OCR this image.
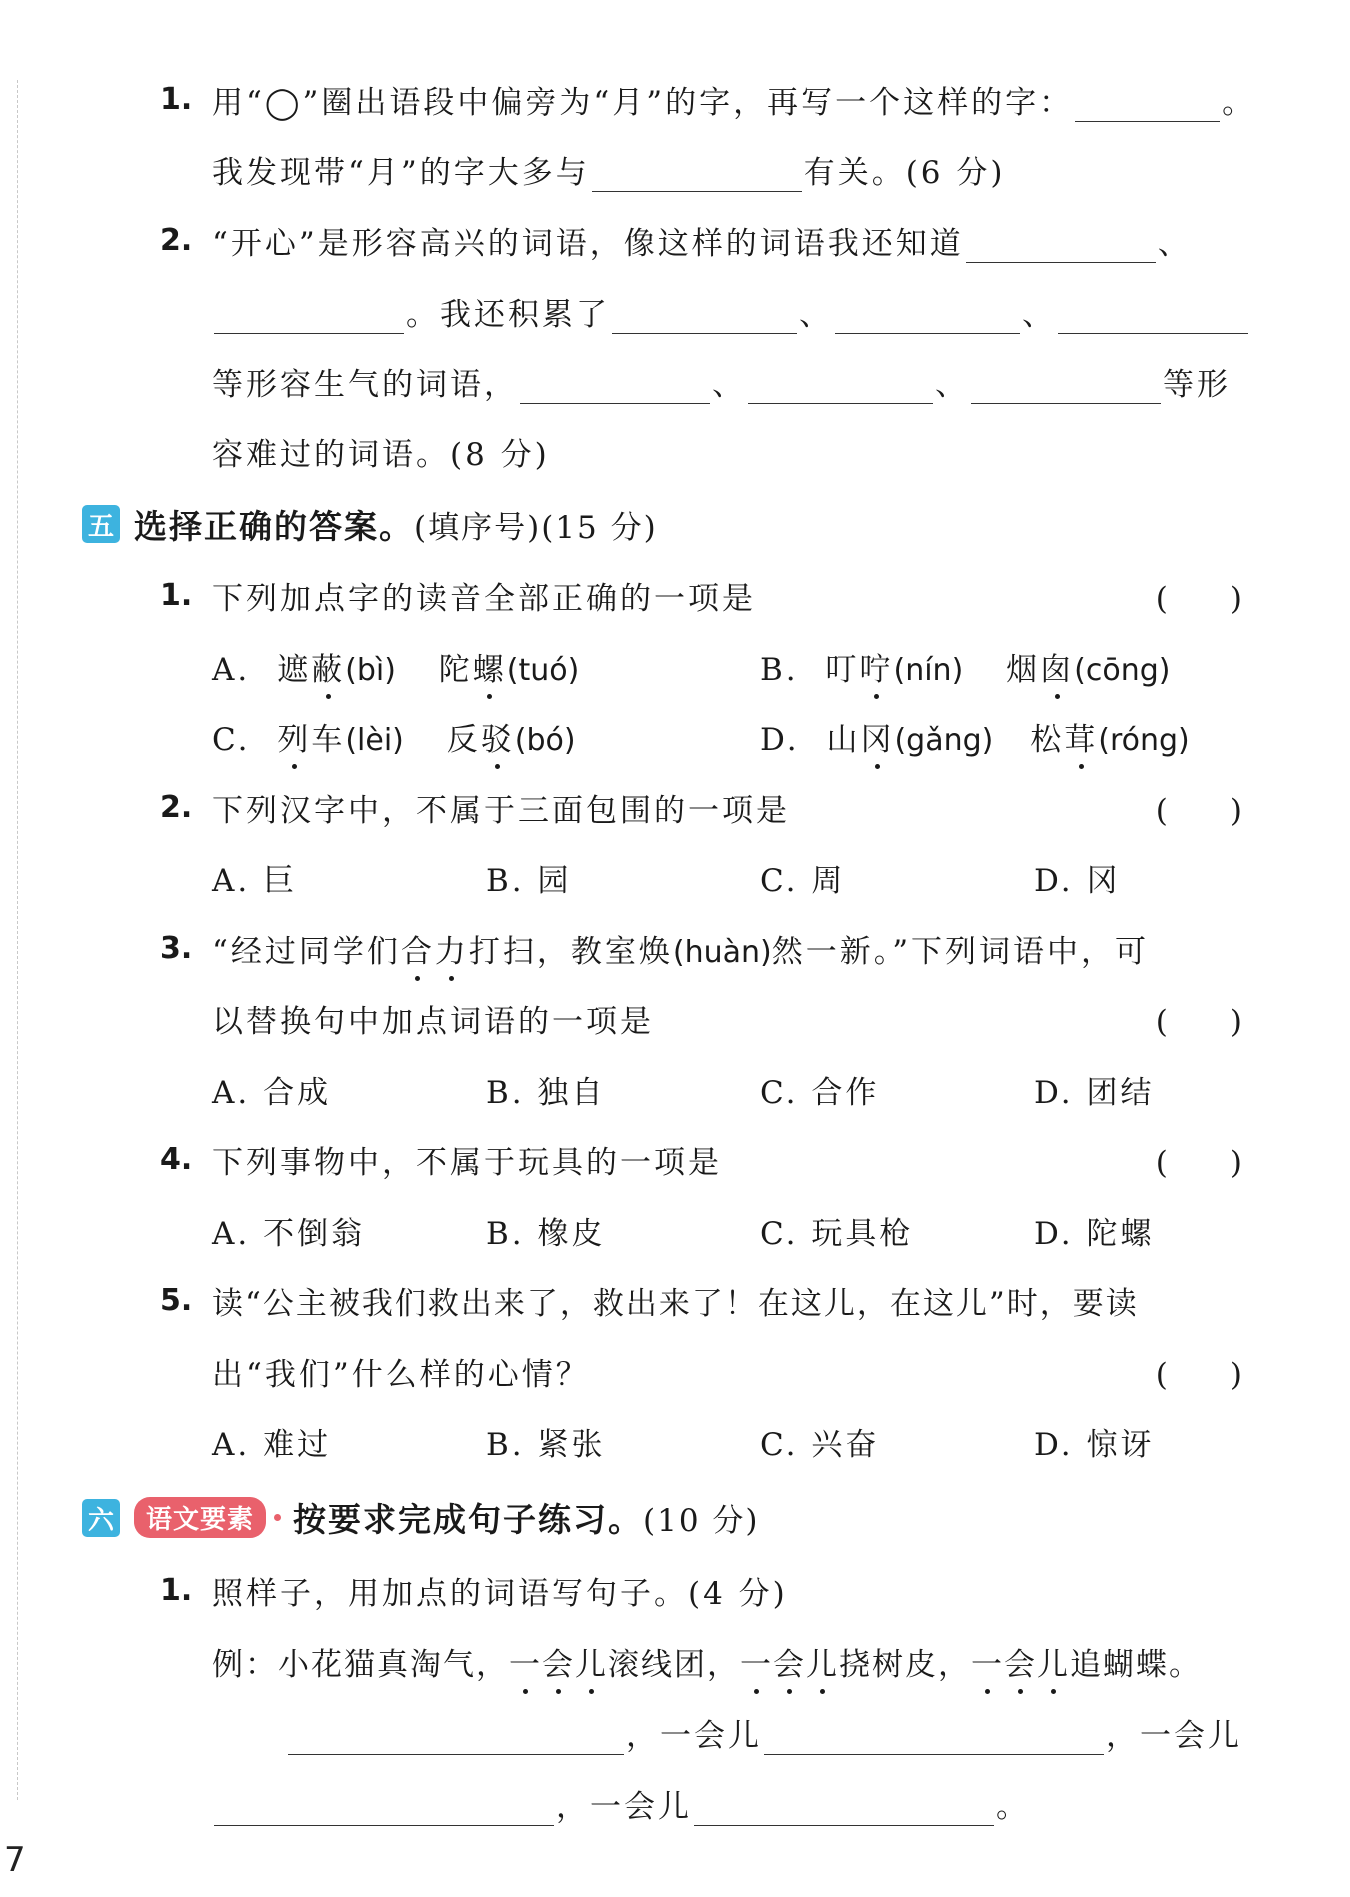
1. 用“◯”圈出语段中偏旁为“月”的字，再写一个这样的字：	。
我发现带“月”的字大多与	有关。(6 分)
2. “开心”是形容高兴的词语，像这样的词语我还知道	、
。我还积累了	、	、
等形容生气的词语，	、	、	等形
容难过的词语。(8 分)
五 选择正确的答案。 (填序号)(15 分)
1. 下列加点字的读音全部正确的一项是	(　　)
A. 遮蔽(bì) 陀螺(tuó)	B. 叮咛(nín) 烟囱(cōng)
C. 列车(lèi) 反驳(bó)	D. 山冈(gǎng) 松茸(róng)
2. 下列汉字中，不属于三面包围的一项是	(　　)
A. 巨	B. 园	C. 周	D. 冈
3. “经过同学们合力打扫，教室焕(huàn)然一新。”下列词语中，可
以替换句中加点词语的一项是	(　　)
A. 合成	B. 独自	C. 合作	D. 团结
4. 下列事物中，不属于玩具的一项是	(　　)
A. 不倒翁	B. 橡皮	C. 玩具枪	D. 陀螺
5. 读“公主被我们救出来了，救出来了！在这儿，在这儿”时，要读
出“我们”什么样的心情？	(　　)
A. 难过	B. 紧张	C. 兴奋	D. 惊讶
六	语文要素	按要求完成句子练习。 (10 分)
1. 照样子，用加点的词语写句子。(4 分)
例：小花猫真淘气，一会儿滚线团，一会儿挠树皮，一会儿追蝴蝶。
，一会儿	，一会儿
，一会儿	。
7
